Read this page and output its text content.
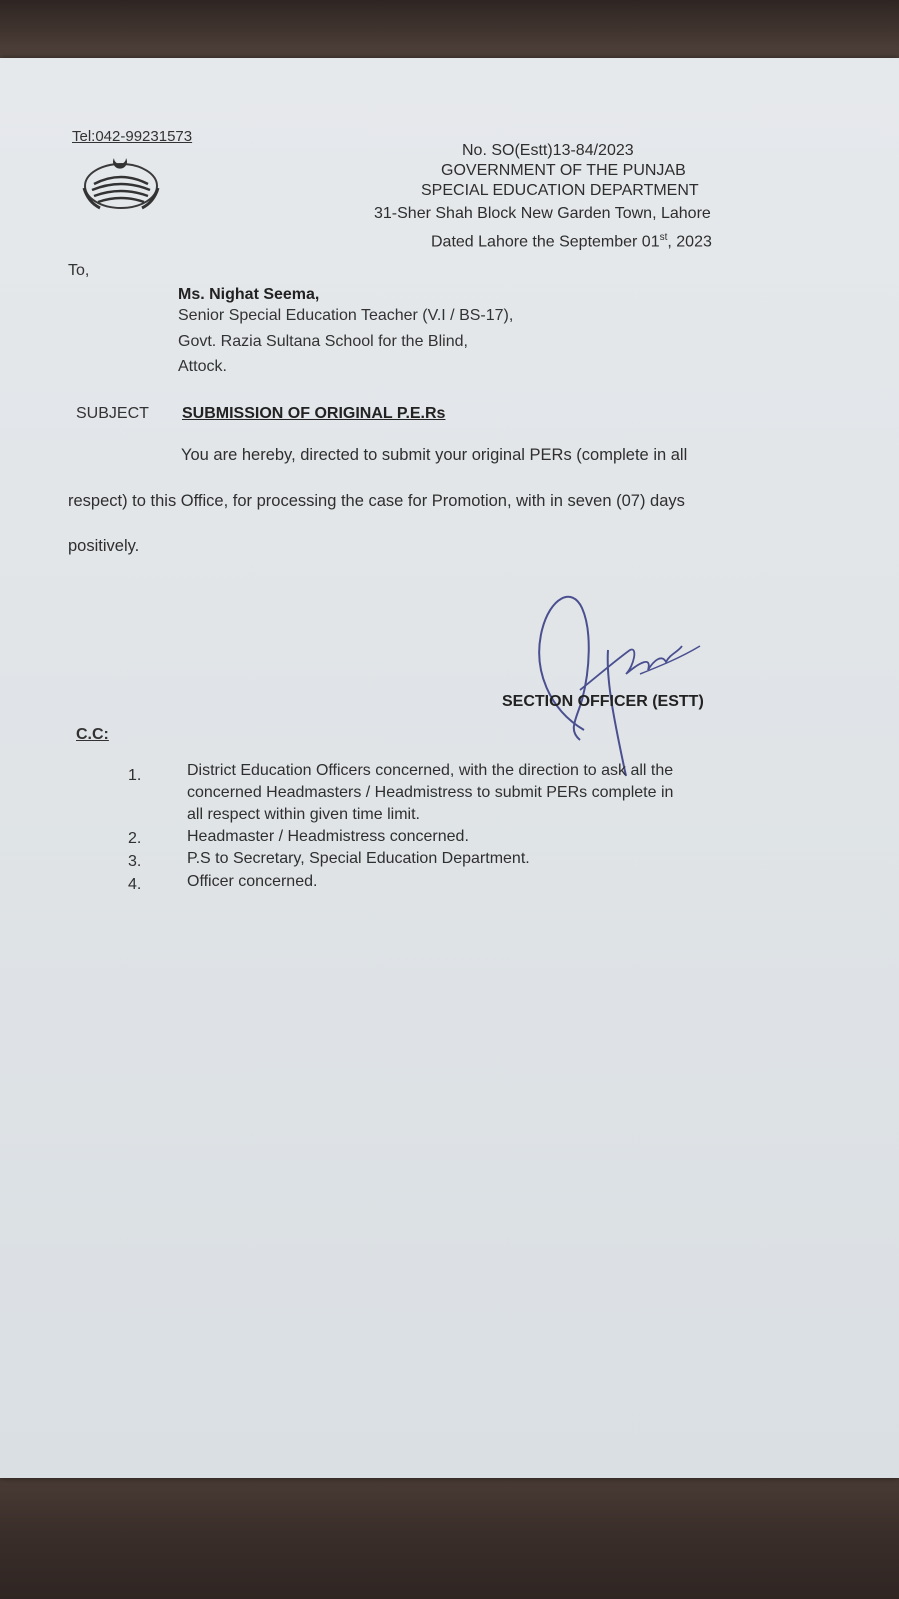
Tel:042-99231573
No. SO(Estt)13-84/2023
GOVERNMENT OF THE PUNJAB
SPECIAL EDUCATION DEPARTMENT
31-Sher Shah Block New Garden Town, Lahore
Dated Lahore the September 01st, 2023
To,
Ms. Nighat Seema,
Senior Special Education Teacher (V.I / BS-17),
Govt. Razia Sultana School for the Blind,
Attock.
SUBJECT SUBMISSION OF ORIGINAL P.E.Rs
You are hereby, directed to submit your original PERs (complete in all
respect) to this Office, for processing the case for Promotion, with in seven (07) days
positively.
SECTION OFFICER (ESTT)
C.C:
1.	District Education Officers concerned, with the direction to ask all the
concerned Headmasters / Headmistress to submit PERs complete in
all respect within given time limit.
2.	Headmaster / Headmistress concerned.
3.	P.S to Secretary, Special Education Department.
4.	Officer concerned.
